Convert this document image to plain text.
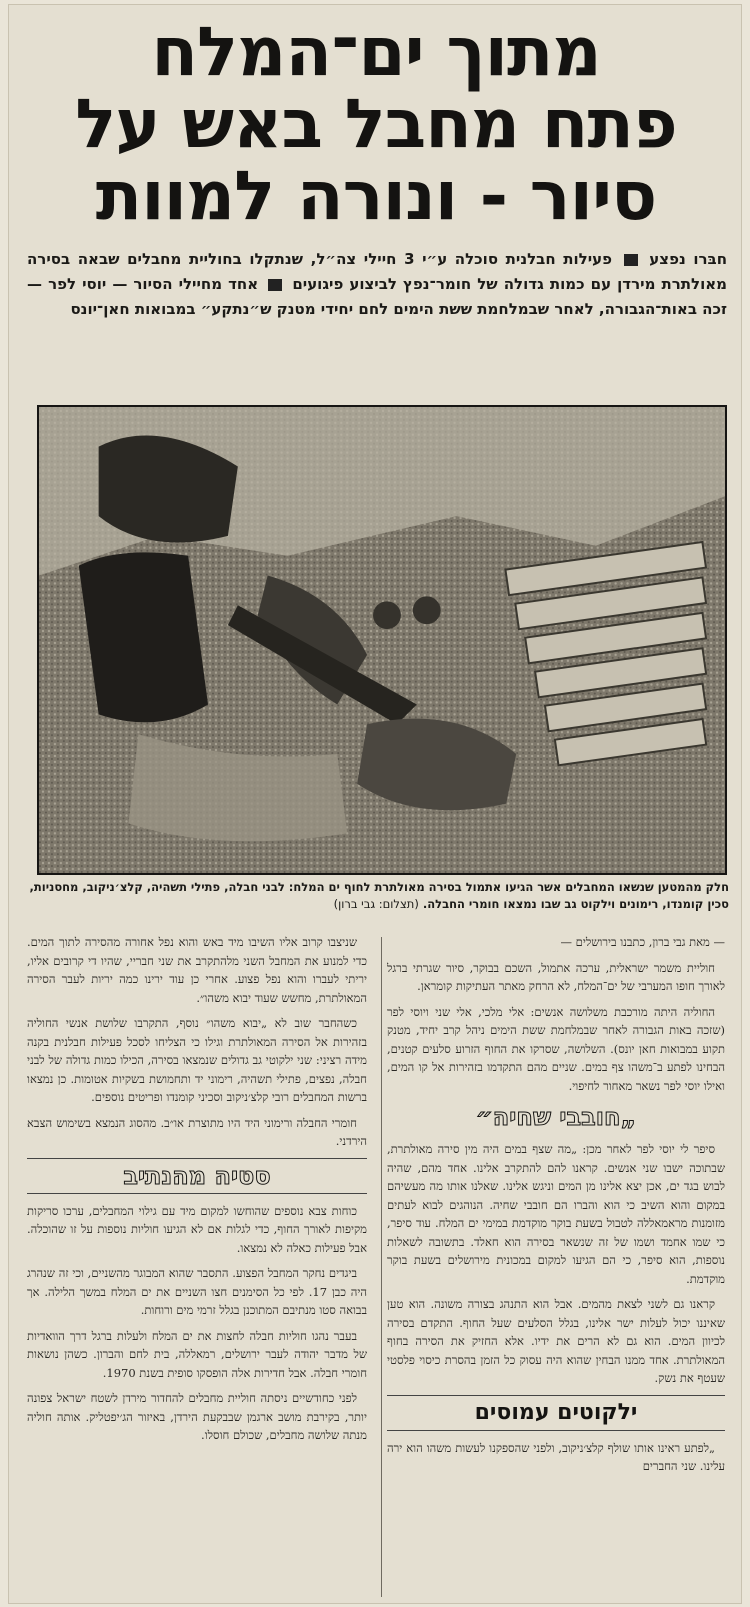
מתוך ים־המלח
פתח מחבל באש על
סיור - ונורה למוות
חבּרו נפצע  פעילות חבלנית סוכלה ע״י 3 חיילי צה״ל, שנתקלו בחוליית מחבלים שבאה בסירה מאולתרת מירדן עם כמות גדולה של חומר־נפץ לביצוע פיגועים  אחד מחיילי הסיור — יוסי לפר — זכה באות־הגבורה, לאחר שבמלחמת ששת הימים לחם יחידי מטנק ש״נתקע״ במבואות חאן־יונס
חלק מהמטען שנשאו המחבלים אשר הגיעו אתמול בסירה מאולתרת לחוף ים המלח: לבני חבלה, פתילי תשהיה, קלצ׳ניקוב, מחסניות, סכין קומנדו, רימונים וילקוט גב שבו נמצאו חומרי החבלה. (תצלום: גבי ברון)

— מאת גבי ברון, כתבנו בירושלים —

חוליית משמר ישראלית, ערכה אתמול, השכם בבוקר, סיור שגרתי ברגל לאורך חופו המערבי של ים־המלח, לא הרחק מאתר העתיקות קומראן.

החוליה היתה מורכבת משלושה אנשים: אלי מלכי, אלי שני ויוסי לפר (שזכה באות הגבורה לאחר שבמלחמת ששת הימים ניהל קרב יחיד, מטנק תקוע במבואות חאן יונס). השלושה, שסרקו את החוף הזרוע סלעים קטנים, הבחינו לפתע ב־משהו צף במים. שניים מהם התקדמו בזהירות אל קו המים, ואילו יוסי לפר נשאר מאחור לחיפוי.

„חובבי שחיה״

סיפר לי יוסי לפר לאחר מכן: „מה שצף במים היה מין סירה מאולתרת, שבתוכה ישבו שני אנשים. קראנו להם להתקרב אלינו. אחד מהם, שהיה לבוש בגד ים, אכן יצא אלינו מן המים וניגש אלינו. שאלנו אותו מה מעשיהם במקום והוא השיב כי הוא והברו הם חובבי שחיה. הנוהגים לבוא לעתים מזומנות מראמאללה לטבול בשעת בוקר מוקדמת במימי ים המלח. עוד סיפר, כי שמו אחמד ושמו של זה שנשאר בסירה הוא חאלד. בתשובה לשאלות נוספות, הוא סיפר, כי הם הגיעו למקום במכונית מירושלים בשעת בוקר מוקדמת.

קראנו גם לשני לצאת מהמים. אבל הוא התנהג בצורה משונה. הוא טען שאיננו יכול לעלות ישר אלינו, בגלל הסלעים שעל החוף. התקדם בסירה לכיוון המים. הוא גם לא הרים את ידיו. אלא החזיק את הסירה בחוף המאולתרת. אחד ממנו הבחין שהוא היה עסוק כל הזמן בהסרת כיסוי פלסטי שעטף את נשק.

ילקוטים עמוסים

„לפתע ראינו אותו שולף קלצ׳ניקוב, ולפני שהספקנו לעשות משהו הוא ירה עלינו. שני החברים

שניצבו קרוב אליו השיבו מיד באש והוא נפל אחורה מהסירה לתוך המים. כדי למנוע את המחבל השני מלהתקרב את שני חבריי, שהיו די קרובים אליו, יריתי לעברו והוא נפל פצוע. אחרי כן עוד ירינו כמה יריות לעבר הסירה המאולתרת, מחשש שעוד יבוא משהו״.

כשהחבר שוב לא „יבוא משהו״ נוסף, התקרבו שלושת אנשי החוליה בזהירות אל הסירה המאולתרת וגילו כי הצליחו לסכל פעילות חבלנית בקנה מידה רציני: שני ילקוטי גב גדולים שנמצאו בסירה, הכילו כמות גדולה של לבני חבלה, נפצים, פתילי תשהיה, רימוני יד ותחמושת בשקיות אטומות. כן נמצאו ברשות המחבלים רובי קלצ׳ניקוב וסכיני קומנדו ופריטים נוספים.

חומרי החבלה ורימוני היד היו מתוצרת או״ב. מהסוג הנמצא בשימוש הצבא הירדני.

סטיה מהנתיב

כוחות צבא נוספים שהוחשו למקום מיד עם גילוי המחבלים, ערכו סריקות מקיפות לאורך החוף, כדי לגלות אם לא הגיעו חוליות נוספות על זו שהוכלה. אבל פעילות כאלה לא נמצאו.

ביגדים נחקר המחבל הפצוע. התסבר שהוא המבוגר מהשניים, וכי זה שנהרג היה כבן 17. לפי כל הסימנים חצו השניים את ים המלח במשך הלילה. אך בבואה סטו מנתיבם המתוכנן בגלל זרמי מים ורוחות.

בעבר נהגו חוליות חבלה לחצות את ים המלח ולעלות ברגל דרך הוואדיות של מדבר יהודה לעבר ירושלים, רמאללה, בית לחם והברון. כשהן נושאות חומרי חבלה. אבל חדירות אלה הופסקו סופית בשנת 1970.

לפני כחודשיים ניסתה חוליית מחבלים להחדור מירדן לשטח ישראל צפונה יותר, בקירבת מושב ארגמן שבבקעת הירדן, באיזור הג׳יפטליק. אותה חוליה מנתה שלושה מחבלים, שכולם חוסלו.
